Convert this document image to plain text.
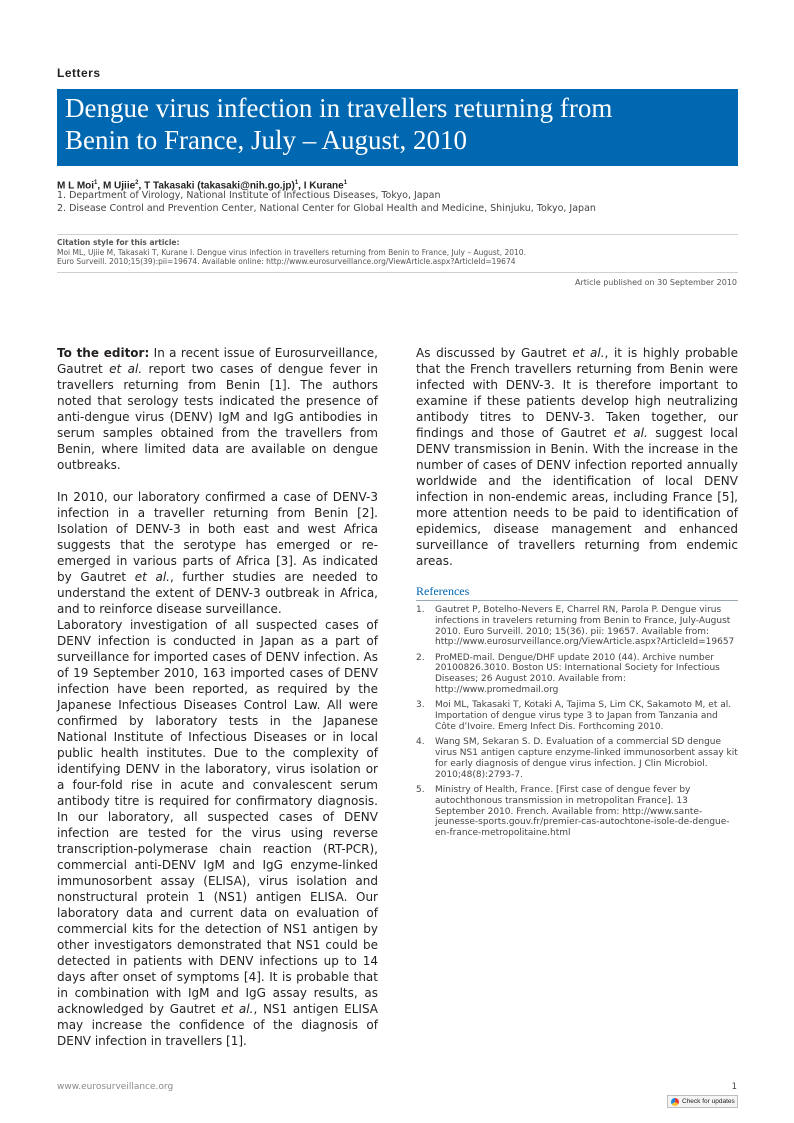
Letters
Dengue virus infection in travellers returning from
Benin to France, July – August, 2010
M L Moi$^1$, M Ujiie$^2$, T Takasaki (takasaki@nih.go.jp)$^1$, I Kurane$^1$
1. Department of Virology, National Institute of Infectious Diseases, Tokyo, Japan
2. Disease Control and Prevention Center, National Center for Global Health and Medicine, Shinjuku, Tokyo, Japan
Citation style for this article:
Moi ML, Ujiie M, Takasaki T, Kurane I. Dengue virus infection in travellers returning from Benin to France, July – August, 2010.
Euro Surveill. 2010;15(39):pii=19674. Available online: http://www.eurosurveillance.org/ViewArticle.aspx?ArticleId=19674
Article published on 30 September 2010

To the editor: In a recent issue of Eurosurveillance, Gautret et al. report two cases of dengue fever in travellers returning from Benin [1]. The authors noted that serology tests indicated the presence of anti-dengue virus (DENV) IgM and IgG antibodies in serum samples obtained from the travellers from Benin, where limited data are available on dengue outbreaks.

In 2010, our laboratory confirmed a case of DENV-3 infection in a traveller returning from Benin [2]. Isolation of DENV-3 in both east and west Africa suggests that the serotype has emerged or re-emerged in various parts of Africa [3]. As indicated by Gautret et al., further studies are needed to understand the extent of DENV-3 outbreak in Africa, and to reinforce disease surveillance.

Laboratory investigation of all suspected cases of DENV infection is conducted in Japan as a part of surveillance for imported cases of DENV infection. As of 19 September 2010, 163 imported cases of DENV infection have been reported, as required by the Japanese Infectious Diseases Control Law. All were confirmed by laboratory tests in the Japanese National Institute of Infectious Diseases or in local public health institutes. Due to the complexity of identifying DENV in the laboratory, virus isolation or a four-fold rise in acute and convalescent serum antibody titre is required for confirmatory diagnosis. In our laboratory, all suspected cases of DENV infection are tested for the virus using reverse transcription-polymerase chain reaction (RT-PCR), commercial anti-DENV IgM and IgG enzyme-linked immunosorbent assay (ELISA), virus isolation and nonstructural protein 1 (NS1) antigen ELISA. Our laboratory data and current data on evaluation of commercial kits for the detection of NS1 antigen by other investigators demonstrated that NS1 could be detected in patients with DENV infections up to 14 days after onset of symptoms [4]. It is probable that in combination with IgM and IgG assay results, as acknowledged by Gautret et al., NS1 antigen ELISA may increase the confidence of the diagnosis of DENV infection in travellers [1].

As discussed by Gautret et al., it is highly probable that the French travellers returning from Benin were infected with DENV-3. It is therefore important to examine if these patients develop high neutralizing antibody titres to DENV-3. Taken together, our findings and those of Gautret et al. suggest local DENV transmission in Benin. With the increase in the number of cases of DENV infection reported annually worldwide and the identification of local DENV infection in non-endemic areas, including France [5], more attention needs to be paid to identification of epidemics, disease management and enhanced surveillance of travellers returning from endemic areas.

References
1. Gautret P, Botelho-Nevers E, Charrel RN, Parola P. Dengue virus infections in travelers returning from Benin to France, July-August 2010. Euro Surveill. 2010; 15(36). pii: 19657. Available from: http://www.eurosurveillance.org/ViewArticle.aspx?ArticleId=19657
2. ProMED-mail. Dengue/DHF update 2010 (44). Archive number 20100826.3010. Boston US: International Society for Infectious Diseases; 26 August 2010. Available from: http://www.promedmail.org
3. Moi ML, Takasaki T, Kotaki A, Tajima S, Lim CK, Sakamoto M, et al. Importation of dengue virus type 3 to Japan from Tanzania and Côte d’Ivoire. Emerg Infect Dis. Forthcoming 2010.
4. Wang SM, Sekaran S. D. Evaluation of a commercial SD dengue virus NS1 antigen capture enzyme-linked immunosorbent assay kit for early diagnosis of dengue virus infection. J Clin Microbiol. 2010;48(8):2793-7.
5. Ministry of Health, France. [First case of dengue fever by autochthonous transmission in metropolitan France]. 13 September 2010. French. Available from: http://www.sante-jeunesse-sports.gouv.fr/premier-cas-autochtone-isole-de-dengue-en-france-metropolitaine.html
www.eurosurveillance.org	1
Check for updates
